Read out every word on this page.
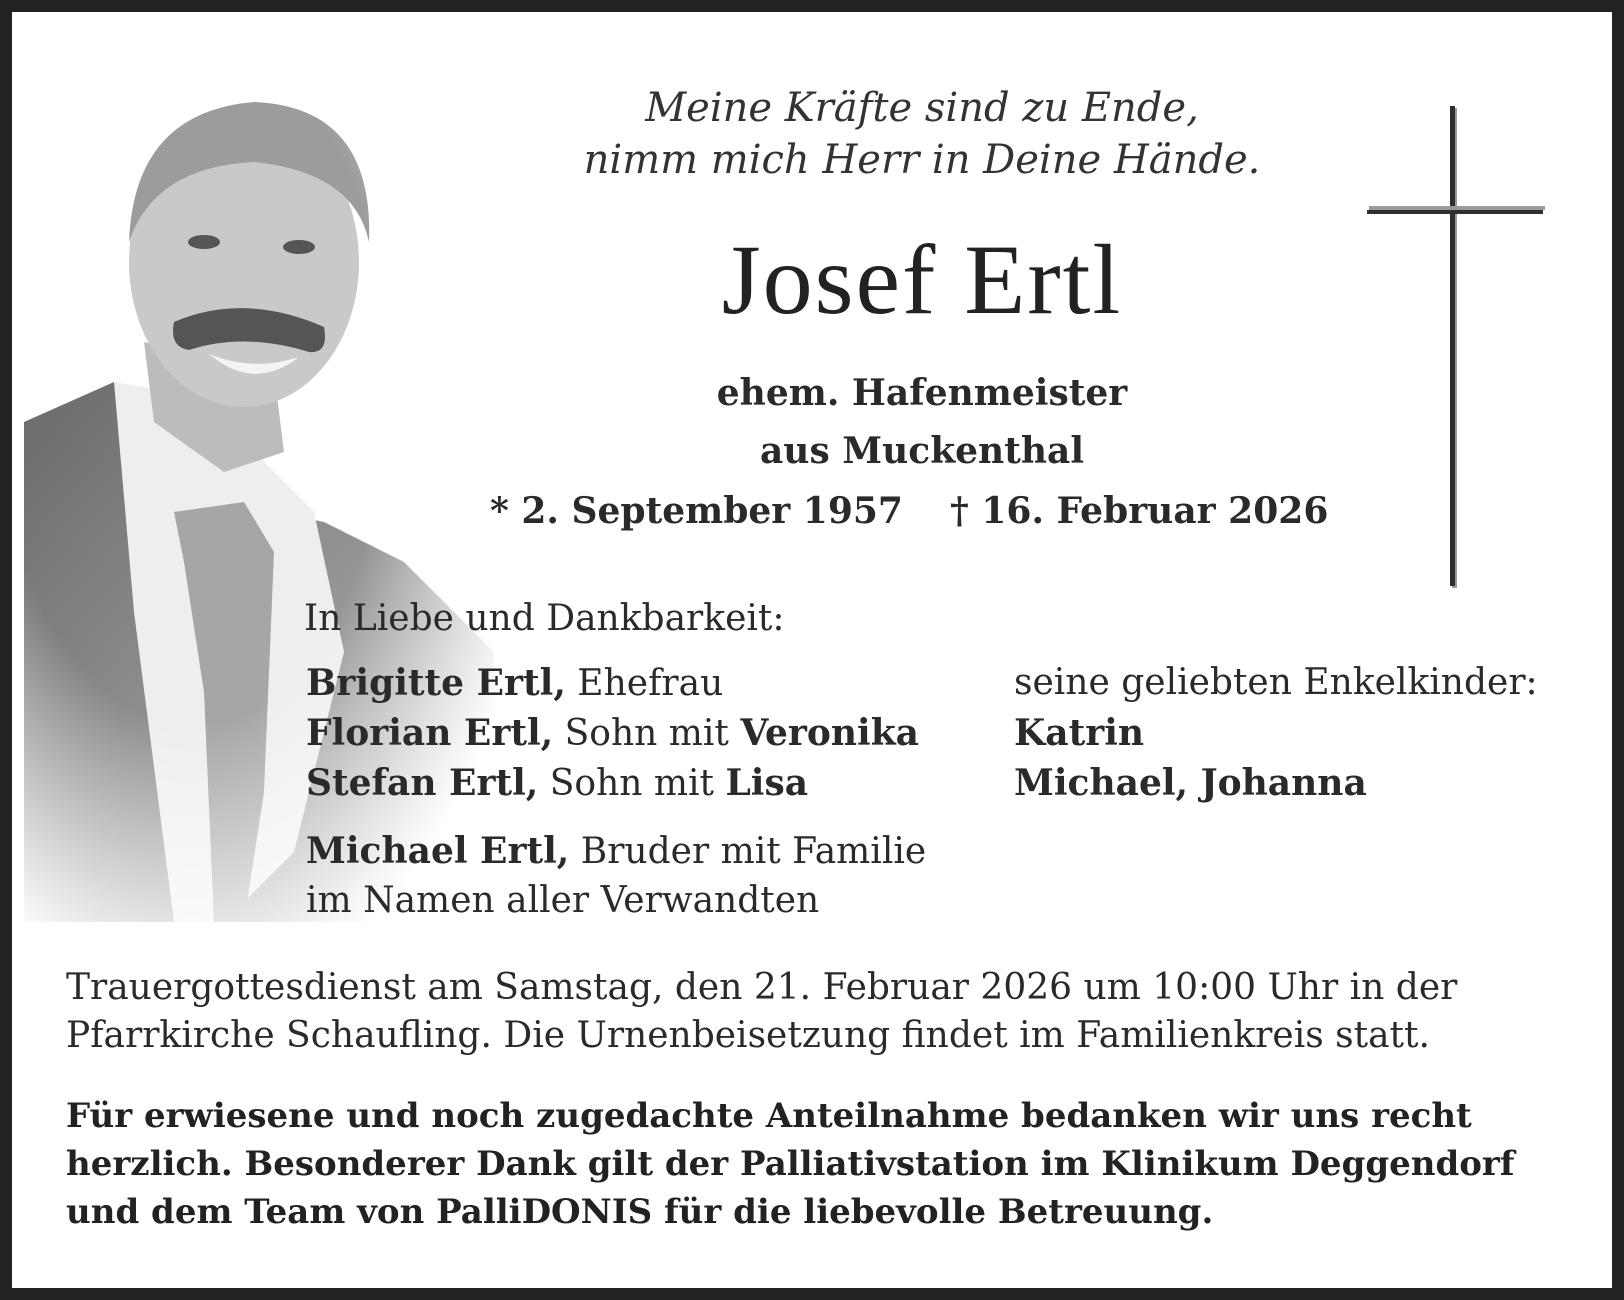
Meine Kräfte sind zu Ende,
nimm mich Herr in Deine Hände.
Josef Ertl
ehem. Hafenmeister
aus Muckenthal
* 2. September 1957 † 16. Februar 2026
In Liebe und Dankbarkeit:
Brigitte Ertl, Ehefrau
Florian Ertl, Sohn mit Veronika
Stefan Ertl, Sohn mit Lisa
Michael Ertl, Bruder mit Familie
im Namen aller Verwandten
seine geliebten Enkelkinder:
Katrin
Michael, Johanna
Trauergottesdienst am Samstag, den 21. Februar 2026 um 10:00 Uhr in der
Pfarrkirche Schaufling. Die Urnenbeisetzung findet im Familienkreis statt.
Für erwiesene und noch zugedachte Anteilnahme bedanken wir uns recht
herzlich. Besonderer Dank gilt der Palliativstation im Klinikum Deggendorf
und dem Team von PalliDONIS für die liebevolle Betreuung.
